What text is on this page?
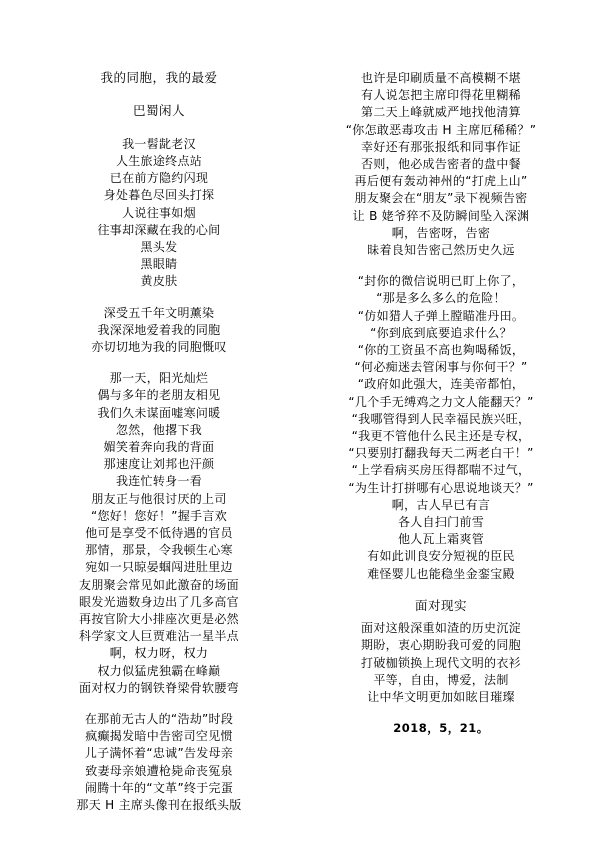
我的同胞，我的最爱
巴蜀闲人
我一髫龀老汉
人生旅途终点站
已在前方隐约闪现
身处暮色尽回头打探
人说往事如烟
往事却深藏在我的心间
黑头发
黑眼睛
黄皮肤
深受五千年文明薰染
我深深地爱着我的同胞
亦切切地为我的同胞慨叹
那一天，阳光灿烂
偶与多年的老朋友相见
我们久未谋面嘘寒问暖
忽然，他撂下我
媚笑着奔向我的背面
那速度让刘邦也汗颜
我连忙转身一看
朋友正与他很讨厌的上司
“您好！您好！”握手言欢
他可是享受不低待遇的官员
那情，那景，令我顿生心寒
宛如一只晾晏蝈闯进肚里边
友朋聚会常见如此激奋的场面
眼发光遄数身边出了几多高官
再按官阶大小排座次更是必然
科学家文人巨贾难沾一星半点
啊，权力呀，权力
权力似猛虎独霸在峰巅
面对权力的钢铁脊梁骨软腰弯
在那前无古人的“浩劫”时段
疯癫揭发暗中告密司空见惯
儿子满怀着“忠诚”告发母亲
致妻母亲娘遭枪毙命丧冤泉
闹腾十年的“文革”终于完蛋
那天 H 主席头像刊在报纸头版
也许是印刷质量不高模糊不堪
有人说怎把主席印得花里糊稀
第二天上峰就威严地找他清算
“你怎敢恶毒攻击 H 主席厄稀稀？”
幸好还有那张报纸和同事作证
否则，他必成告密者的盘中餐
再后便有轰动神州的“打虎上山”
朋友聚会在“朋友”录下视频告密
让 B 姥爷猝不及防瞬间坠入深渊
啊，告密呀，告密
昧着良知告密己然历史久远
“封你的微信说明已盯上你了，
“那是多么多么的危险！
“仿如猎人子弹上膛瞄准丹田。
“你到底到底要追求什么？
“你的工资虽不高也夠喝稀饭，
“何必痴迷去管闲事与你何干？”
“政府如此强大，连美帝都怕，
“几个手无缚鸡之力文人能翻天？”
“我哪管得到人民幸福民族兴旺，
“我更不管他什么民主还是专权，
“只要别打翻我每天二两老白干！”
“上学看病买房压得都喘不过气，
“为生计打拼哪有心思说地谈天？”
啊，古人早已有言
各人自扫门前雪
他人瓦上霜爽管
有如此训良安分短视的臣民
难怪婴儿也能稳坐金銮宝殿
面对现实
面对这般深重如渣的历史沉淀
期盼，衷心期盼我可爱的同胞
打破枷锁换上现代文明的衣衫
平等，自由，博爱，法制
让中华文明更加如眩目璀璨
2018，5，21。
